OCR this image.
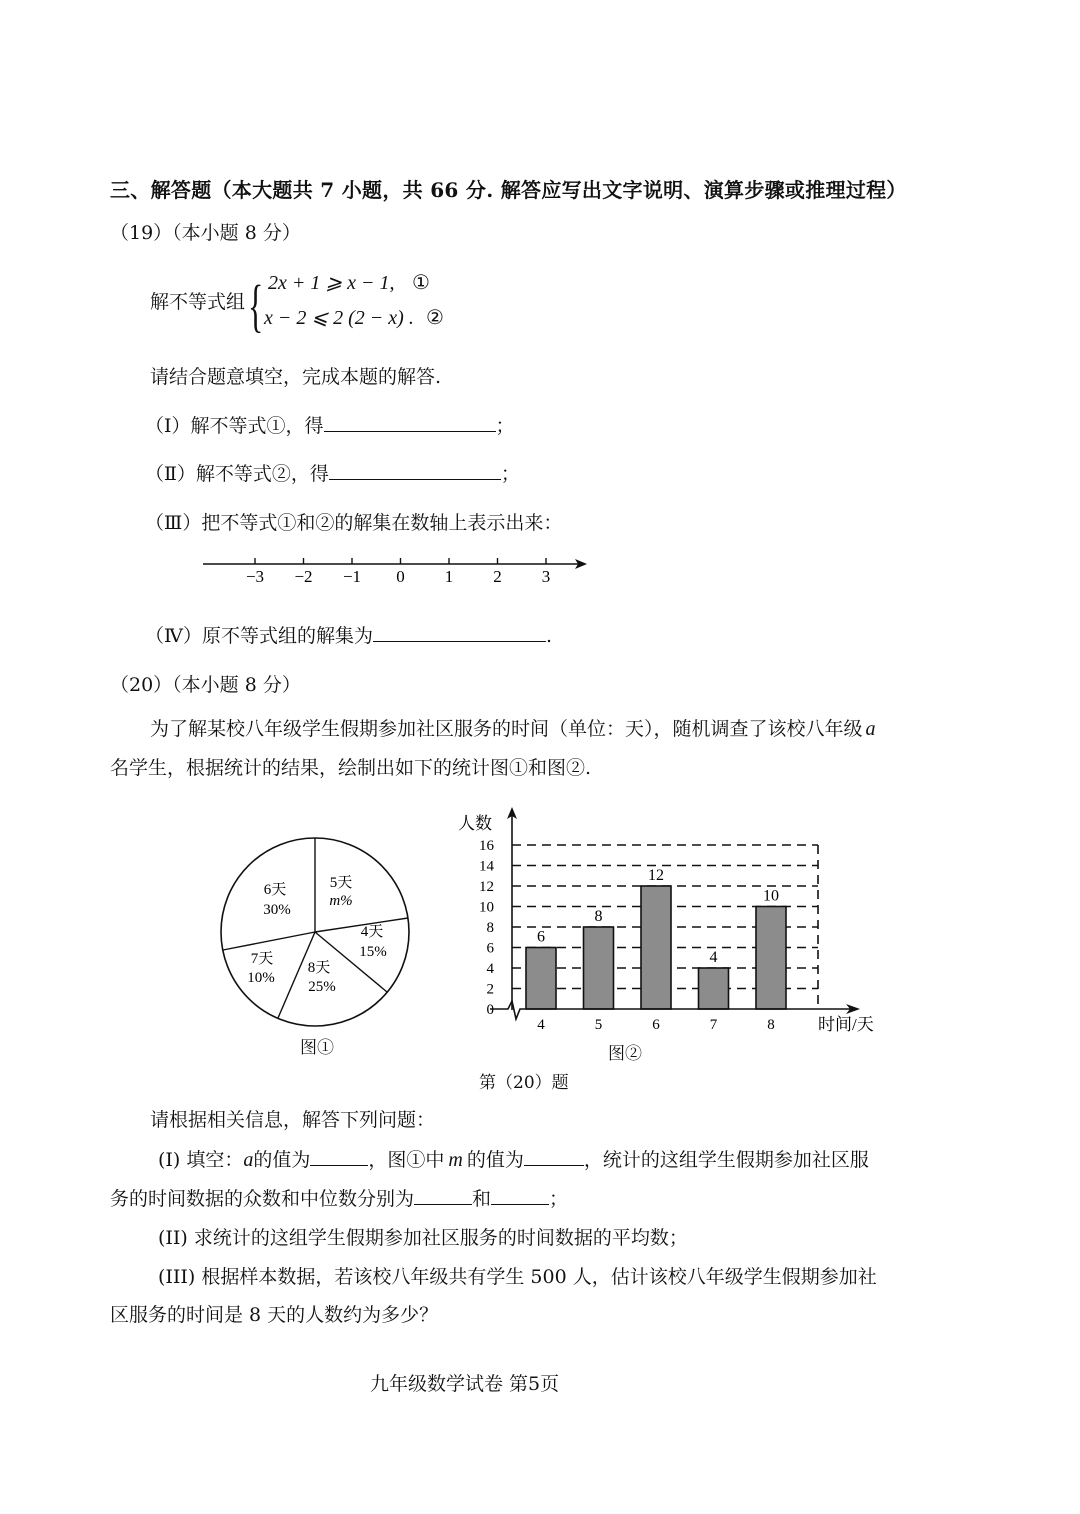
三、解答题（本大题共 7 小题，共 66 分. 解答应写出文字说明、演算步骤或推理过程）
（19）（本小题 8 分）
解不等式组 { 2x + 1 ⩾ x − 1, ①
x − 2 ⩽ 2 (2 − x) . ②
请结合题意填空，完成本题的解答.
（Ⅰ）解不等式①，得	；
（Ⅱ）解不等式②，得	；
（Ⅲ）把不等式①和②的解集在数轴上表示出来：
−3 −2 −1 0 1 2 3
（Ⅳ）原不等式组的解集为	.
（20）（本小题 8 分）
为了解某校八年级学生假期参加社区服务的时间（单位：天），随机调查了该校八年级 a
名学生，根据统计的结果，绘制出如下的统计图①和图②.
5天
m%
4天
15%
8天
25%
7天
10%
6天
30%
图①
0
2
4
6
8
10
12
14
16
4	5	6	7	8
6
8
12
4
10
人数
时间/天
图②
第（20）题
请根据相关信息，解答下列问题：
(I) 填空：a的值为	，图①中 m 的值为	，统计的这组学生假期参加社区服
务的时间数据的众数和中位数分别为	和	；
(II) 求统计的这组学生假期参加社区服务的时间数据的平均数；
(III) 根据样本数据，若该校八年级共有学生 500 人，估计该校八年级学生假期参加社
区服务的时间是 8 天的人数约为多少？
九年级数学试卷 第5页
